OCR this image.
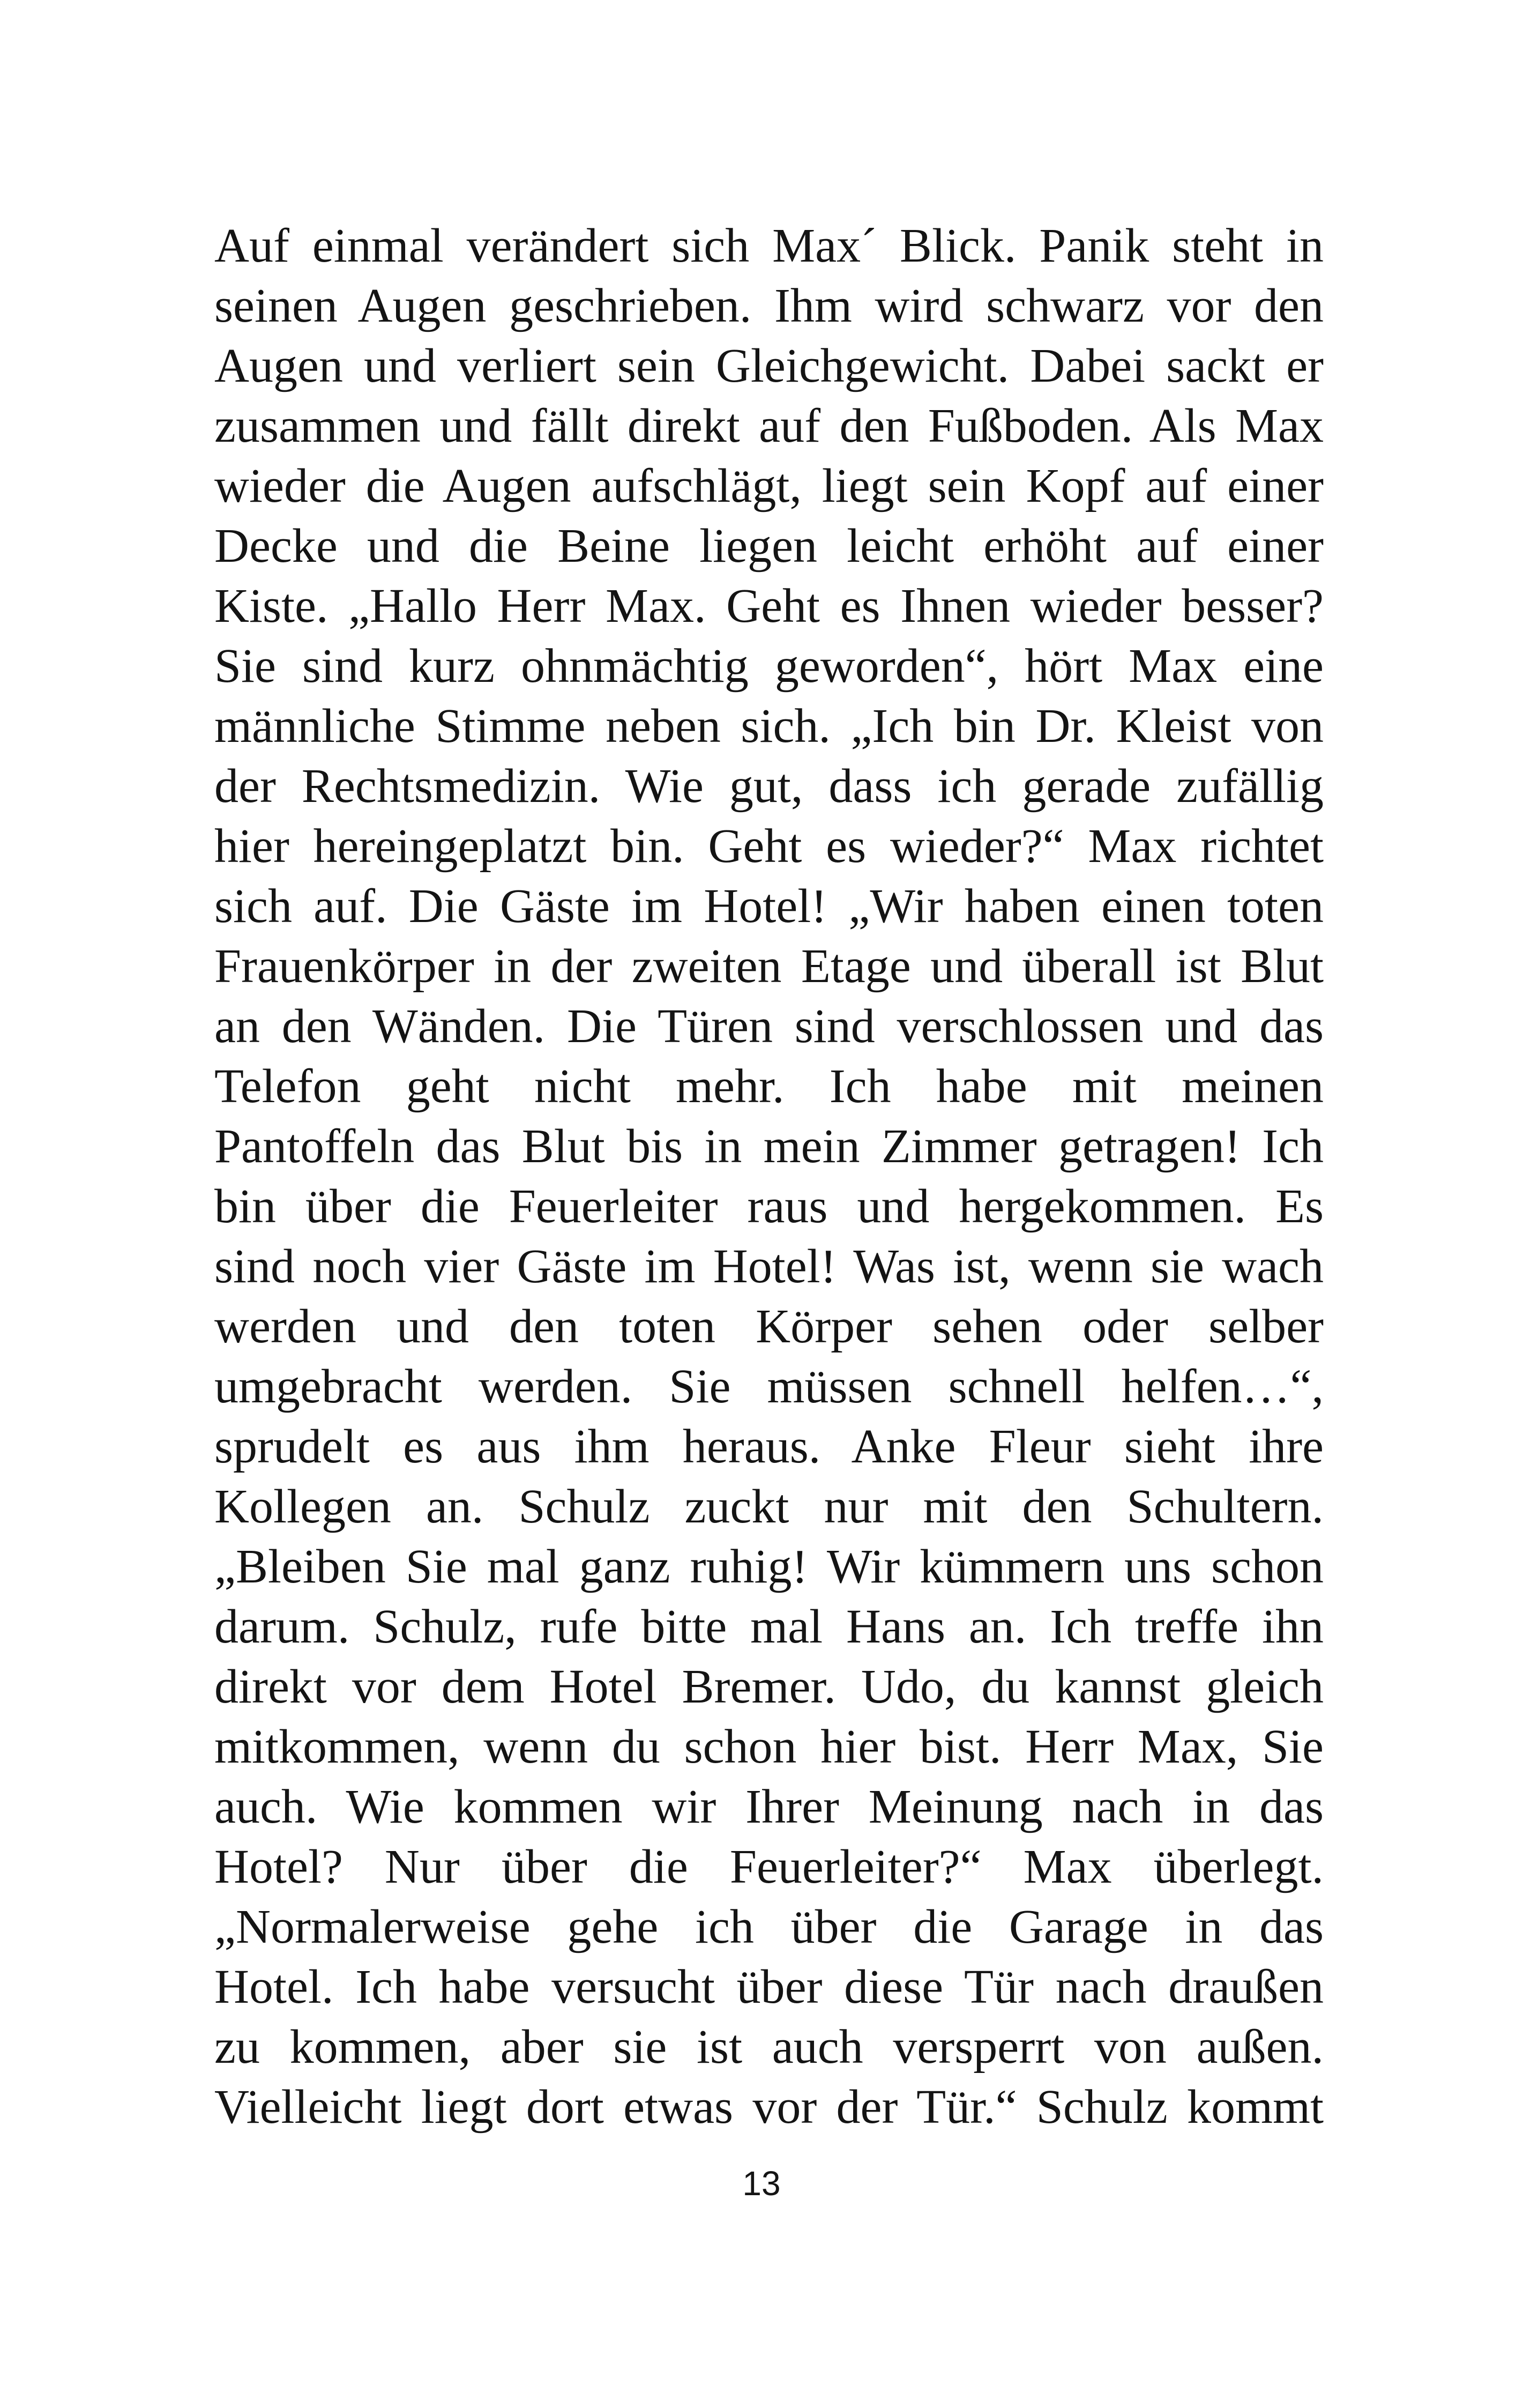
Auf einmal verändert sich Max´ Blick. Panik steht in
seinen Augen geschrieben. Ihm wird schwarz vor den
Augen und verliert sein Gleichgewicht. Dabei sackt er
zusammen und fällt direkt auf den Fußboden. Als Max
wieder die Augen aufschlägt, liegt sein Kopf auf einer
Decke und die Beine liegen leicht erhöht auf einer
Kiste. „Hallo Herr Max. Geht es Ihnen wieder besser?
Sie sind kurz ohnmächtig geworden“, hört Max eine
männliche Stimme neben sich. „Ich bin Dr. Kleist von
der Rechtsmedizin. Wie gut, dass ich gerade zufällig
hier hereingeplatzt bin. Geht es wieder?“ Max richtet
sich auf. Die Gäste im Hotel! „Wir haben einen toten
Frauenkörper in der zweiten Etage und überall ist Blut
an den Wänden. Die Türen sind verschlossen und das
Telefon geht nicht mehr. Ich habe mit meinen
Pantoffeln das Blut bis in mein Zimmer getragen! Ich
bin über die Feuerleiter raus und hergekommen. Es
sind noch vier Gäste im Hotel! Was ist, wenn sie wach
werden und den toten Körper sehen oder selber
umgebracht werden. Sie müssen schnell helfen…“,
sprudelt es aus ihm heraus. Anke Fleur sieht ihre
Kollegen an. Schulz zuckt nur mit den Schultern.
„Bleiben Sie mal ganz ruhig! Wir kümmern uns schon
darum. Schulz, rufe bitte mal Hans an. Ich treffe ihn
direkt vor dem Hotel Bremer. Udo, du kannst gleich
mitkommen, wenn du schon hier bist. Herr Max, Sie
auch. Wie kommen wir Ihrer Meinung nach in das
Hotel? Nur über die Feuerleiter?“ Max überlegt.
„Normalerweise gehe ich über die Garage in das
Hotel. Ich habe versucht über diese Tür nach draußen
zu kommen, aber sie ist auch versperrt von außen.
Vielleicht liegt dort etwas vor der Tür.“ Schulz kommt
13
